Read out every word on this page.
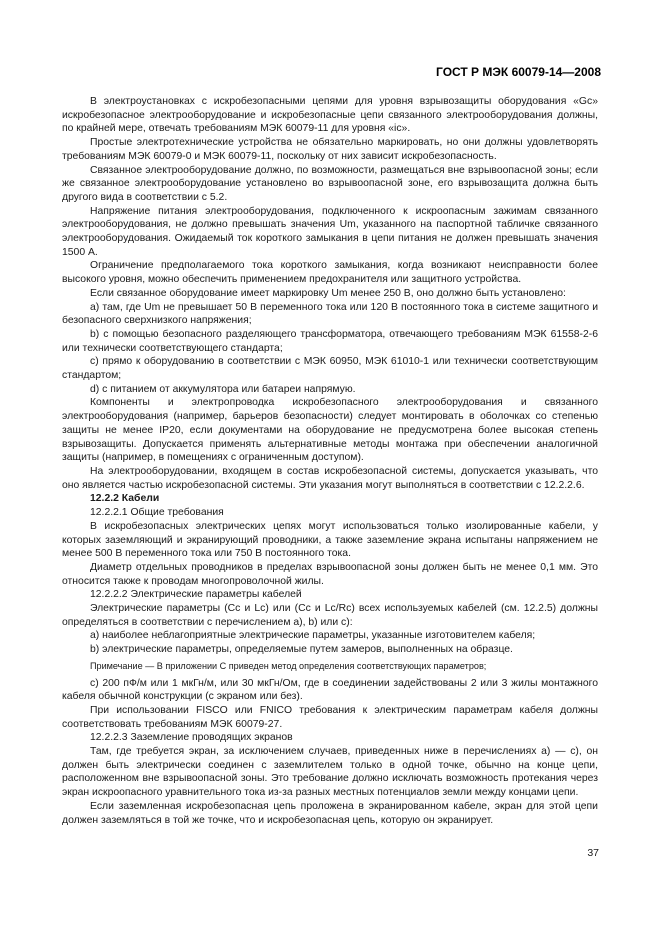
ГОСТ Р МЭК 60079-14—2008

В электроустановках с искробезопасными цепями для уровня взрывозащиты оборудования «Gc» искробезопасное электрооборудование и искробезопасные цепи связанного электрооборудования должны, по крайней мере, отвечать требованиям МЭК 60079-11 для уровня «ic».

Простые электротехнические устройства не обязательно маркировать, но они должны удовлетворять требованиям МЭК 60079-0 и МЭК 60079-11, поскольку от них зависит искробезопасность.

Связанное электрооборудование должно, по возможности, размещаться вне взрывоопасной зоны; если же связанное электрооборудование установлено во взрывоопасной зоне, его взрывозащита должна быть другого вида в соответствии с 5.2.

Напряжение питания электрооборудования, подключенного к искроопасным зажимам связанного электрооборудования, не должно превышать значения Um, указанного на паспортной табличке связанного электрооборудования. Ожидаемый ток короткого замыкания в цепи питания не должен превышать значения 1500 А.

Ограничение предполагаемого тока короткого замыкания, когда возникают неисправности более высокого уровня, можно обеспечить применением предохранителя или защитного устройства.

Если связанное оборудование имеет маркировку Um менее 250 В, оно должно быть установлено:

а) там, где Um не превышает 50 В переменного тока или 120 В постоянного тока в системе защитного и безопасного сверхнизкого напряжения;

b) с помощью безопасного разделяющего трансформатора, отвечающего требованиям МЭК 61558-2-6 или технически соответствующего стандарта;

с) прямо к оборудованию в соответствии с МЭК 60950, МЭК 61010-1 или технически соответствующим стандартом;

d) с питанием от аккумулятора или батареи напрямую.

Компоненты и электропроводка искробезопасного электрооборудования и связанного электрооборудования (например, барьеров безопасности) следует монтировать в оболочках со степенью защиты не менее IP20, если документами на оборудование не предусмотрена более высокая степень взрывозащиты. Допускается применять альтернативные методы монтажа при обеспечении аналогичной защиты (например, в помещениях с ограниченным доступом).

На электрооборудовании, входящем в состав искробезопасной системы, допускается указывать, что оно является частью искробезопасной системы. Эти указания могут выполняться в соответствии с 12.2.2.6.

12.2.2 Кабели

12.2.2.1 Общие требования

В искробезопасных электрических цепях могут использоваться только изолированные кабели, у которых заземляющий и экранирующий проводники, а также заземление экрана испытаны напряжением не менее 500 В переменного тока или 750 В постоянного тока.

Диаметр отдельных проводников в пределах взрывоопасной зоны должен быть не менее 0,1 мм. Это относится также к проводам многопроволочной жилы.

12.2.2.2 Электрические параметры кабелей

Электрические параметры (Cc и Lc) или (Cc и Lc/Rc) всех используемых кабелей (см. 12.2.5) должны определяться в соответствии с перечислением а), b) или с):

а) наиболее неблагоприятные электрические параметры, указанные изготовителем кабеля;

b) электрические параметры, определяемые путем замеров, выполненных на образце.

Примечание — В приложении С приведен метод определения соответствующих параметров;

с) 200 пФ/м или 1 мкГн/м, или 30 мкГн/Ом, где в соединении задействованы 2 или 3 жилы монтажного кабеля обычной конструкции (с экраном или без).

При использовании FISCO или FNICO требования к электрическим параметрам кабеля должны соответствовать требованиям МЭК 60079-27.

12.2.2.3 Заземление проводящих экранов

Там, где требуется экран, за исключением случаев, приведенных ниже в перечислениях а) — с), он должен быть электрически соединен с заземлителем только в одной точке, обычно на конце цепи, расположенном вне взрывоопасной зоны. Это требование должно исключать возможность протекания через экран искроопасного уравнительного тока из-за разных местных потенциалов земли между концами цепи.

Если заземленная искробезопасная цепь проложена в экранированном кабеле, экран для этой цепи должен заземляться в той же точке, что и искробезопасная цепь, которую он экранирует.

37
